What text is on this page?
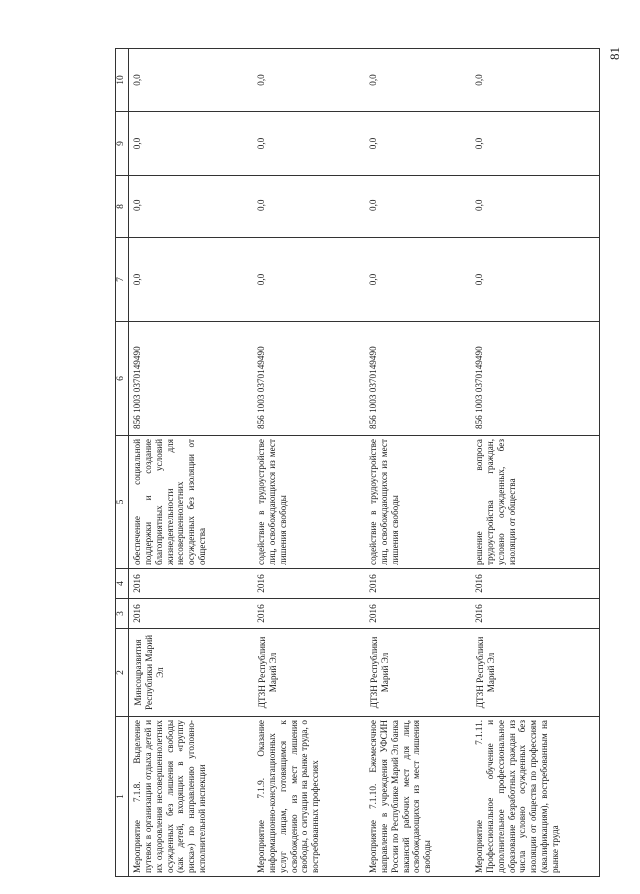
81
1	2	3	4	5	6	7	8	9	10
Мероприятие 7.1.8. Выделение путевок в организации отдыха детей и их оздоровления несовершеннолетних осужденных без лишения свободы (как детей, входящих в «группу риска») по направлению уголовно-исполнительной инспекции	Минсоцразвития Республики Марий Эл	2016	2016	обеспечение социальной поддержки и создание благоприятных условий жизнедеятельности для несовершеннолетних осужденных без изоляции от общества	856 1003 0370149490	0,0	0,0	0,0	0,0
Мероприятие 7.1.9. Оказание информационно-консультационных услуг лицам, готовящимся к освобождению из мест лишения свободы, о ситуации на рынке труда, о востребованных профессиях	ДТЗН Республики Марий Эл	2016	2016	содействие в трудоустройстве лиц, освобождающихся из мест лишения свободы	856 1003 0370149490	0,0	0,0	0,0	0,0
Мероприятие 7.1.10. Ежемесячное направление в учреждения УФСИН России по Республике Марий Эл банка вакансий рабочих мест для лиц, освобождающихся из мест лишения свободы	ДТЗН Республики Марий Эл	2016	2016	содействие в трудоустройстве лиц, освобождающихся из мест лишения свободы	856 1003 0370149490	0,0	0,0	0,0	0,0
Мероприятие 7.1.11. Профессиональное обучение и дополнительное профессиональное образование безработных граждан из числа условно осужденных без изоляции от общества по профессиям (квалификациям), востребованным на рынке труда	ДТЗН Республики Марий Эл	2016	2016	решение вопроса трудоустройства граждан, условно осужденных, без изоляции от общества	856 1003 0370149490	0,0	0,0	0,0	0,0
